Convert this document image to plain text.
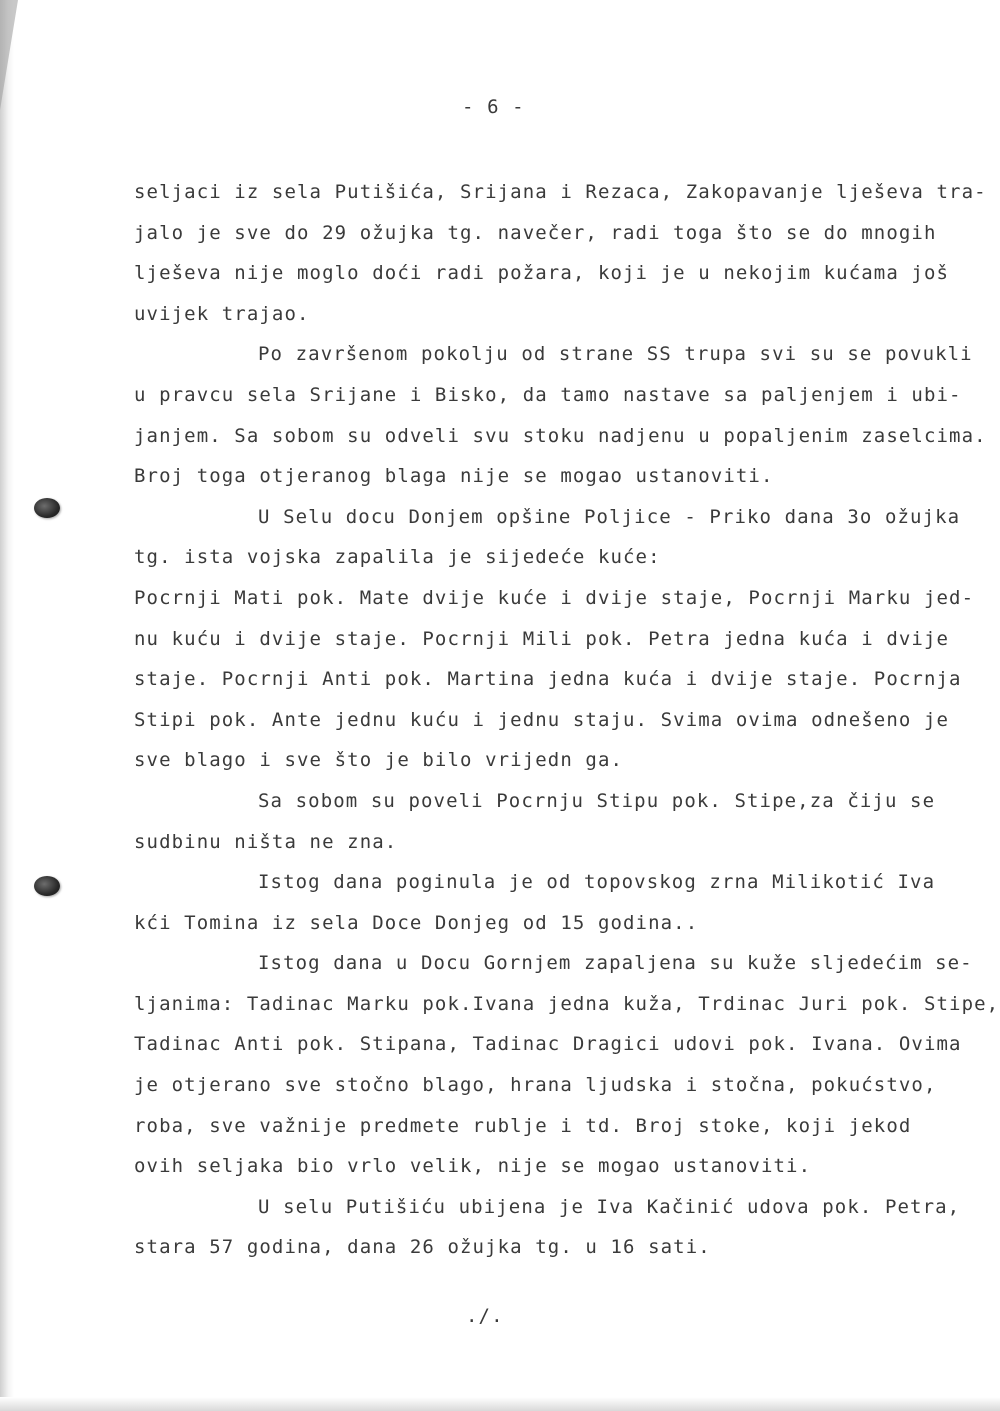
- 6 -
seljaci iz sela Putišića, Srijana i Rezaca, Zakopavanje lješeva tra-
jalo je sve do 29 ožujka tg. navečer, radi toga što se do mnogih
lješeva nije moglo doći radi požara, koji je u nekojim kućama još
uvijek trajao.
Po završenom pokolju od strane SS trupa svi su se povukli
u pravcu sela Srijane i Bisko, da tamo nastave sa paljenjem i ubi-
janjem. Sa sobom su odveli svu stoku nadjenu u popaljenim zaselcima.
Broj toga otjeranog blaga nije se mogao ustanoviti.
U Selu docu Donjem opšine Poljice - Priko dana 3o ožujka
tg. ista vojska zapalila je sijedeće kuće:
Pocrnji Mati pok. Mate dvije kuće i dvije staje, Pocrnji Marku jed-
nu kuću i dvije staje. Pocrnji Mili pok. Petra jedna kuća i dvije
staje. Pocrnji Anti pok. Martina jedna kuća i dvije staje. Pocrnja
Stipi pok. Ante jednu kuću i jednu staju. Svima ovima odnešeno je
sve blago i sve što je bilo vrijedn ga.
Sa sobom su poveli Pocrnju Stipu pok. Stipe,za čiju se
sudbinu ništa ne zna.
Istog dana poginula je od topovskog zrna Milikotić Iva
kći Tomina iz sela Doce Donjeg od 15 godina..
Istog dana u Docu Gornjem zapaljena su kuže sljedećim se-
ljanima: Tadinac Marku pok.Ivana jedna kuža, Trdinac Juri pok. Stipe,
Tadinac Anti pok. Stipana, Tadinac Dragici udovi pok. Ivana. Ovima
je otjerano sve stočno blago, hrana ljudska i stočna, pokućstvo,
roba, sve važnije predmete rublje i td. Broj stoke, koji jekod
ovih seljaka bio vrlo velik, nije se mogao ustanoviti.
U selu Putišiću ubijena je Iva Kačinić udova pok. Petra,
stara 57 godina, dana 26 ožujka tg. u 16 sati.
./.
